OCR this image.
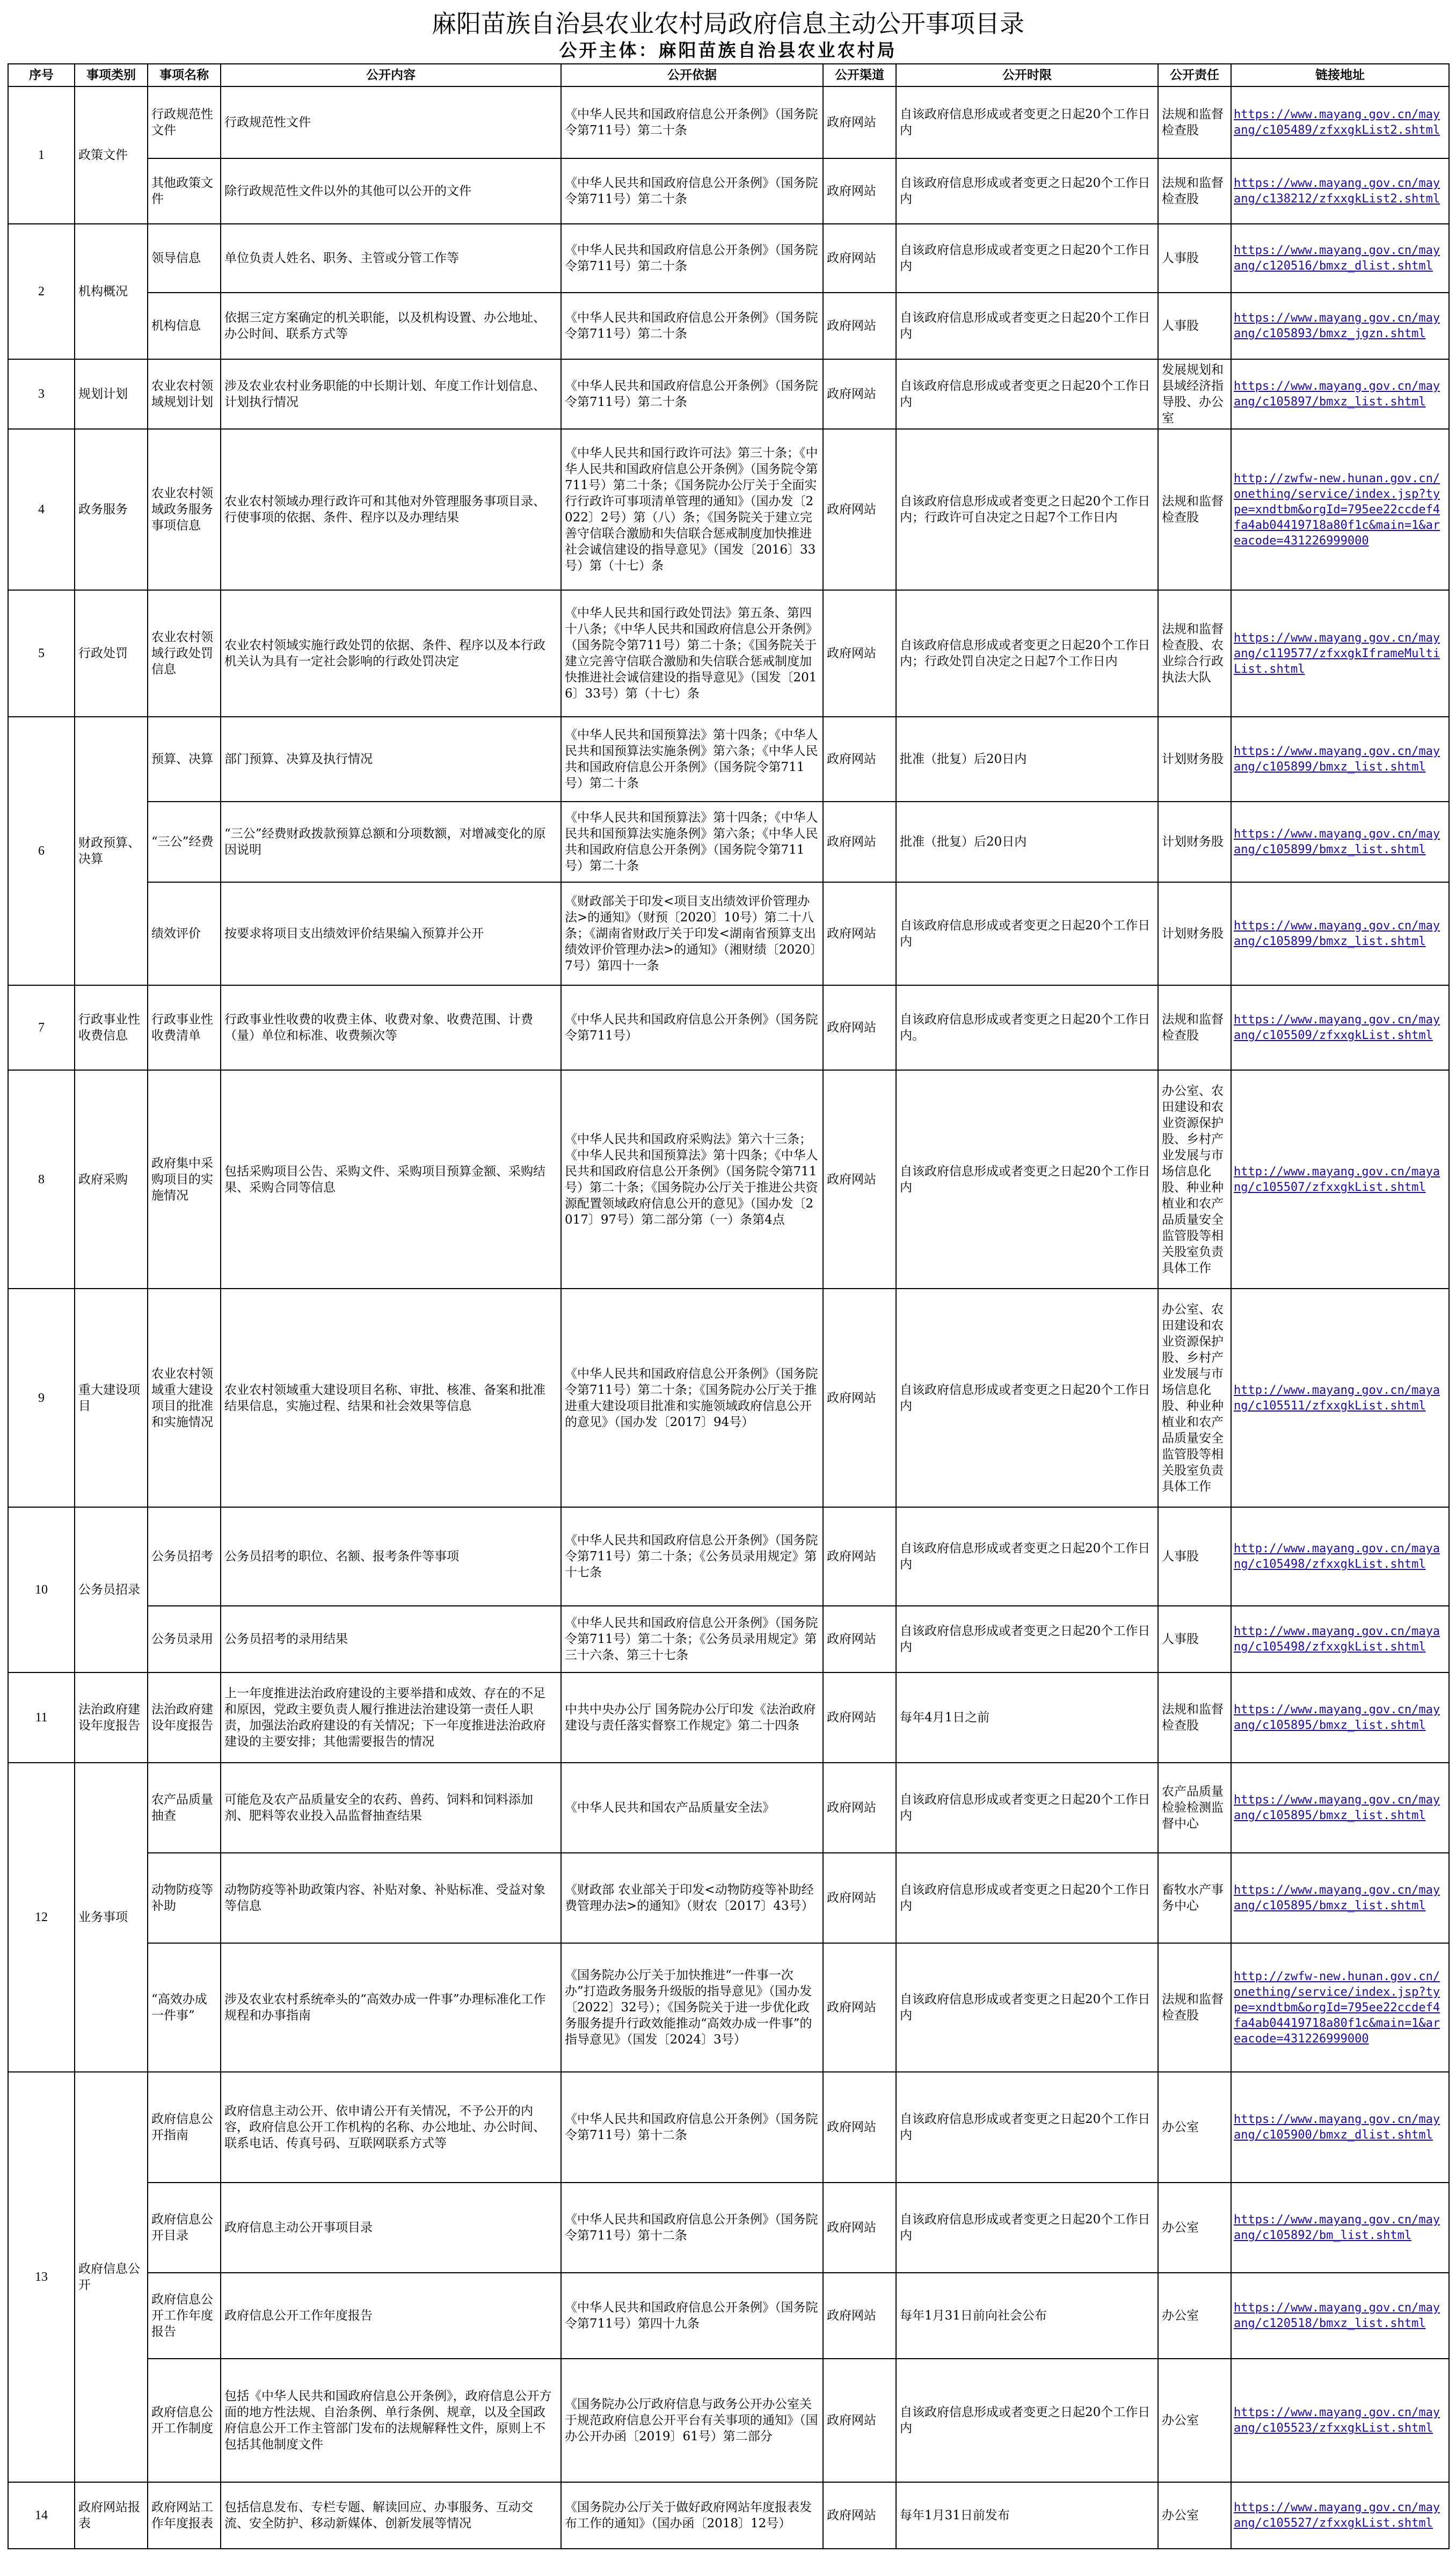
麻阳苗族自治县农业农村局政府信息主动公开事项目录
公开主体：麻阳苗族自治县农业农村局
序号	事项类别	事项名称	公开内容	公开依据	公开渠道	公开时限	公开责任	链接地址
1	政策文件	行政规范性文件	行政规范性文件	《中华人民共和国政府信息公开条例》（国务院令第711号）第二十条	政府网站	自该政府信息形成或者变更之日起20个工作日内	法规和监督检查股	https://www.mayang.gov.cn/mayang/c105489/zfxxgkList2.shtml
		其他政策文件	除行政规范性文件以外的其他可以公开的文件	《中华人民共和国政府信息公开条例》（国务院令第711号）第二十条	政府网站	自该政府信息形成或者变更之日起20个工作日内	法规和监督检查股	https://www.mayang.gov.cn/mayang/c138212/zfxxgkList2.shtml
2	机构概况	领导信息	单位负责人姓名、职务、主管或分管工作等	《中华人民共和国政府信息公开条例》（国务院令第711号）第二十条	政府网站	自该政府信息形成或者变更之日起20个工作日内	人事股	https://www.mayang.gov.cn/mayang/c120516/bmxz_dlist.shtml
		机构信息	依据三定方案确定的机关职能，以及机构设置、办公地址、办公时间、联系方式等	《中华人民共和国政府信息公开条例》（国务院令第711号）第二十条	政府网站	自该政府信息形成或者变更之日起20个工作日内	人事股	https://www.mayang.gov.cn/mayang/c105893/bmxz_jgzn.shtml
3	规划计划	农业农村领域规划计划	涉及农业农村业务职能的中长期计划、年度工作计划信息、计划执行情况	《中华人民共和国政府信息公开条例》（国务院令第711号）第二十条	政府网站	自该政府信息形成或者变更之日起20个工作日内	发展规划和县域经济指导股、办公室	https://www.mayang.gov.cn/mayang/c105897/bmxz_list.shtml
4	政务服务	农业农村领域政务服务事项信息	农业农村领域办理行政许可和其他对外管理服务事项目录、行使事项的依据、条件、程序以及办理结果	《中华人民共和国行政许可法》第三十条；《中华人民共和国政府信息公开条例》（国务院令第711号）第二十条；《国务院办公厅关于全面实行行政许可事项清单管理的通知》（国办发〔2022〕2号）第（八）条；《国务院关于建立完善守信联合激励和失信联合惩戒制度加快推进社会诚信建设的指导意见》（国发〔2016〕33号）第（十七）条	政府网站	自该政府信息形成或者变更之日起20个工作日内；行政许可自决定之日起7个工作日内	法规和监督检查股	http://zwfw-new.hunan.gov.cn/onething/service/index.jsp?type=xndtbm&orgId=795ee22ccdef4fa4ab04419718a80f1c&main=1&areacode=431226999000
5	行政处罚	农业农村领域行政处罚信息	农业农村领域实施行政处罚的依据、条件、程序以及本行政机关认为具有一定社会影响的行政处罚决定	《中华人民共和国行政处罚法》第五条、第四十八条；《中华人民共和国政府信息公开条例》（国务院令第711号）第二十条；《国务院关于建立完善守信联合激励和失信联合惩戒制度加快推进社会诚信建设的指导意见》（国发〔2016〕33号）第（十七）条	政府网站	自该政府信息形成或者变更之日起20个工作日内；行政处罚自决定之日起7个工作日内	法规和监督检查股、农业综合行政执法大队	https://www.mayang.gov.cn/mayang/c119577/zfxxgkIframeMultiList.shtml
6	财政预算、决算	预算、决算	部门预算、决算及执行情况	《中华人民共和国预算法》第十四条；《中华人民共和国预算法实施条例》第六条；《中华人民共和国政府信息公开条例》（国务院令第711号）第二十条	政府网站	批准（批复）后20日内	计划财务股	https://www.mayang.gov.cn/mayang/c105899/bmxz_list.shtml
		“三公”经费	“三公”经费财政拨款预算总额和分项数额，对增减变化的原因说明	《中华人民共和国预算法》第十四条；《中华人民共和国预算法实施条例》第六条；《中华人民共和国政府信息公开条例》（国务院令第711号）第二十条	政府网站	批准（批复）后20日内	计划财务股	https://www.mayang.gov.cn/mayang/c105899/bmxz_list.shtml
		绩效评价	按要求将项目支出绩效评价结果编入预算并公开	《财政部关于印发<项目支出绩效评价管理办法>的通知》（财预〔2020〕10号）第二十八条；《湖南省财政厅关于印发<湖南省预算支出绩效评价管理办法>的通知》（湘财绩〔2020〕7号）第四十一条	政府网站	自该政府信息形成或者变更之日起20个工作日内	计划财务股	https://www.mayang.gov.cn/mayang/c105899/bmxz_list.shtml
7	行政事业性收费信息	行政事业性收费清单	行政事业性收费的收费主体、收费对象、收费范围、计费（量）单位和标准、收费频次等	《中华人民共和国政府信息公开条例》（国务院令第711号）	政府网站	自该政府信息形成或者变更之日起20个工作日内。	法规和监督检查股	https://www.mayang.gov.cn/mayang/c105509/zfxxgkList.shtml
8	政府采购	政府集中采购项目的实施情况	包括采购项目公告、采购文件、采购项目预算金额、采购结果、采购合同等信息	《中华人民共和国政府采购法》第六十三条；《中华人民共和国预算法》第十四条；《中华人民共和国政府信息公开条例》（国务院令第711号）第二十条；《国务院办公厅关于推进公共资源配置领域政府信息公开的意见》（国办发〔2017〕97号）第二部分第（一）条第4点	政府网站	自该政府信息形成或者变更之日起20个工作日内	办公室、农田建设和农业资源保护股、乡村产业发展与市场信息化股、种业种植业和农产品质量安全监管股等相关股室负责具体工作	http://www.mayang.gov.cn/mayang/c105507/zfxxgkList.shtml
9	重大建设项目	农业农村领域重大建设项目的批准和实施情况	农业农村领域重大建设项目名称、审批、核准、备案和批准结果信息，实施过程、结果和社会效果等信息	《中华人民共和国政府信息公开条例》（国务院令第711号）第二十条；《国务院办公厅关于推进重大建设项目批准和实施领域政府信息公开的意见》（国办发〔2017〕94号）	政府网站	自该政府信息形成或者变更之日起20个工作日内	办公室、农田建设和农业资源保护股、乡村产业发展与市场信息化股、种业种植业和农产品质量安全监管股等相关股室负责具体工作	http://www.mayang.gov.cn/mayang/c105511/zfxxgkList.shtml
10	公务员招录	公务员招考	公务员招考的职位、名额、报考条件等事项	《中华人民共和国政府信息公开条例》（国务院令第711号）第二十条；《公务员录用规定》第十七条	政府网站	自该政府信息形成或者变更之日起20个工作日内	人事股	http://www.mayang.gov.cn/mayang/c105498/zfxxgkList.shtml
		公务员录用	公务员招考的录用结果	《中华人民共和国政府信息公开条例》（国务院令第711号）第二十条；《公务员录用规定》第三十六条、第三十七条	政府网站	自该政府信息形成或者变更之日起20个工作日内	人事股	http://www.mayang.gov.cn/mayang/c105498/zfxxgkList.shtml
11	法治政府建设年度报告	法治政府建设年度报告	上一年度推进法治政府建设的主要举措和成效、存在的不足和原因，党政主要负责人履行推进法治建设第一责任人职责，加强法治政府建设的有关情况；下一年度推进法治政府建设的主要安排；其他需要报告的情况	中共中央办公厅 国务院办公厅印发《法治政府建设与责任落实督察工作规定》第二十四条	政府网站	每年4月1日之前	法规和监督检查股	https://www.mayang.gov.cn/mayang/c105895/bmxz_list.shtml
12	业务事项	农产品质量抽查	可能危及农产品质量安全的农药、兽药、饲料和饲料添加剂、肥料等农业投入品监督抽查结果	《中华人民共和国农产品质量安全法》	政府网站	自该政府信息形成或者变更之日起20个工作日内	农产品质量检验检测监督中心	https://www.mayang.gov.cn/mayang/c105895/bmxz_list.shtml
		动物防疫等补助	动物防疫等补助政策内容、补贴对象、补贴标准、受益对象等信息	《财政部 农业部关于印发<动物防疫等补助经费管理办法>的通知》（财农〔2017〕43号）	政府网站	自该政府信息形成或者变更之日起20个工作日内	畜牧水产事务中心	https://www.mayang.gov.cn/mayang/c105895/bmxz_list.shtml
		“高效办成一件事”	涉及农业农村系统牵头的“高效办成一件事”办理标准化工作规程和办事指南	《国务院办公厅关于加快推进“一件事一次办”打造政务服务升级版的指导意见》（国办发〔2022〕32号）；《国务院关于进一步优化政务服务提升行政效能推动“高效办成一件事”的指导意见》（国发〔2024〕3号）	政府网站	自该政府信息形成或者变更之日起20个工作日内	法规和监督检查股	http://zwfw-new.hunan.gov.cn/onething/service/index.jsp?type=xndtbm&orgId=795ee22ccdef4fa4ab04419718a80f1c&main=1&areacode=431226999000
13	政府信息公开	政府信息公开指南	政府信息主动公开、依申请公开有关情况，不予公开的内容，政府信息公开工作机构的名称、办公地址、办公时间、联系电话、传真号码、互联网联系方式等	《中华人民共和国政府信息公开条例》（国务院令第711号）第十二条	政府网站	自该政府信息形成或者变更之日起20个工作日内	办公室	https://www.mayang.gov.cn/mayang/c105900/bmxz_dlist.shtml
		政府信息公开目录	政府信息主动公开事项目录	《中华人民共和国政府信息公开条例》（国务院令第711号）第十二条	政府网站	自该政府信息形成或者变更之日起20个工作日内	办公室	https://www.mayang.gov.cn/mayang/c105892/bm_list.shtml
		政府信息公开工作年度报告	政府信息公开工作年度报告	《中华人民共和国政府信息公开条例》（国务院令第711号）第四十九条	政府网站	每年1月31日前向社会公布	办公室	https://www.mayang.gov.cn/mayang/c120518/bmxz_list.shtml
		政府信息公开工作制度	包括《中华人民共和国政府信息公开条例》，政府信息公开方面的地方性法规、自治条例、单行条例、规章，以及全国政府信息公开工作主管部门发布的法规解释性文件，原则上不包括其他制度文件	《国务院办公厅政府信息与政务公开办公室关于规范政府信息公开平台有关事项的通知》（国办公开办函〔2019〕61号）第二部分	政府网站	自该政府信息形成或者变更之日起20个工作日内	办公室	https://www.mayang.gov.cn/mayang/c105523/zfxxgkList.shtml
14	政府网站报表	政府网站工作年度报表	包括信息发布、专栏专题、解读回应、办事服务、互动交流、安全防护、移动新媒体、创新发展等情况	《国务院办公厅关于做好政府网站年度报表发布工作的通知》（国办函〔2018〕12号）	政府网站	每年1月31日前发布	办公室	https://www.mayang.gov.cn/mayang/c105527/zfxxgkList.shtml
